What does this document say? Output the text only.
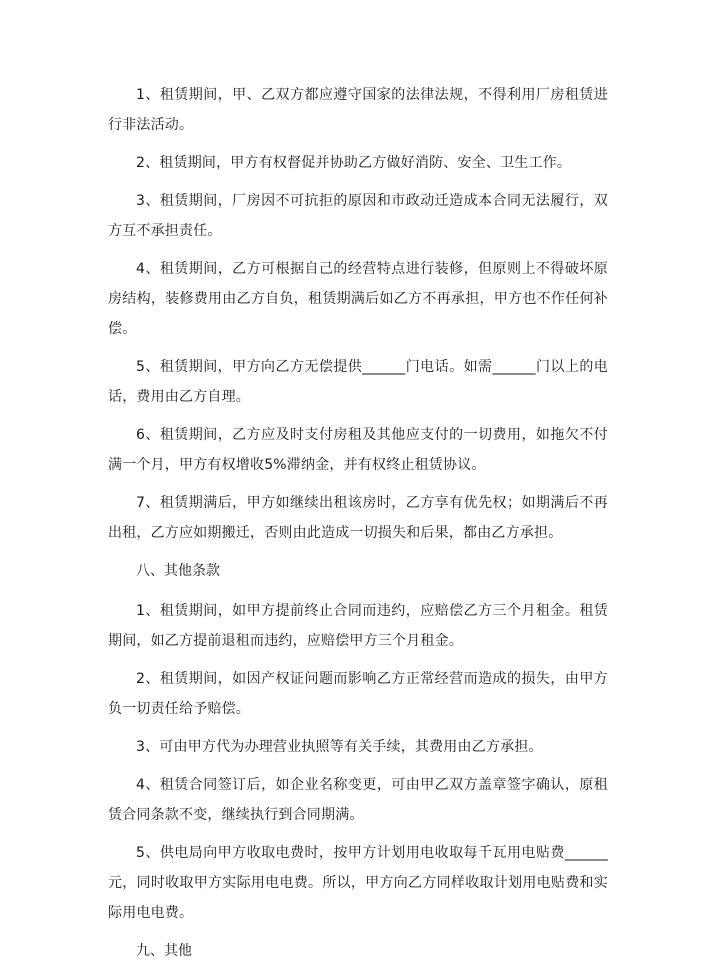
1、租赁期间，甲、乙双方都应遵守国家的法律法规，不得利用厂房租赁进行非法活动。

2、租赁期间，甲方有权督促并协助乙方做好消防、安全、卫生工作。

3、租赁期间，厂房因不可抗拒的原因和市政动迁造成本合同无法履行，双方互不承担责任。

4、租赁期间，乙方可根据自己的经营特点进行装修，但原则上不得破坏原房结构，装修费用由乙方自负，租赁期满后如乙方不再承担，甲方也不作任何补偿。

5、租赁期间，甲方向乙方无偿提供______门电话。如需______门以上的电话，费用由乙方自理。

6、租赁期间，乙方应及时支付房租及其他应支付的一切费用，如拖欠不付满一个月，甲方有权增收5%滞纳金，并有权终止租赁协议。

7、租赁期满后，甲方如继续出租该房时，乙方享有优先权；如期满后不再出租，乙方应如期搬迁，否则由此造成一切损失和后果，都由乙方承担。

八、其他条款

1、租赁期间，如甲方提前终止合同而违约，应赔偿乙方三个月租金。租赁期间，如乙方提前退租而违约，应赔偿甲方三个月租金。

2、租赁期间，如因产权证问题而影响乙方正常经营而造成的损失，由甲方负一切责任给予赔偿。

3、可由甲方代为办理营业执照等有关手续，其费用由乙方承担。

4、租赁合同签订后，如企业名称变更，可由甲乙双方盖章签字确认，原租赁合同条款不变，继续执行到合同期满。

5、供电局向甲方收取电费时，按甲方计划用电收取每千瓦用电贴费______元，同时收取甲方实际用电电费。所以，甲方向乙方同样收取计划用电贴费和实际用电电费。

九、其他
